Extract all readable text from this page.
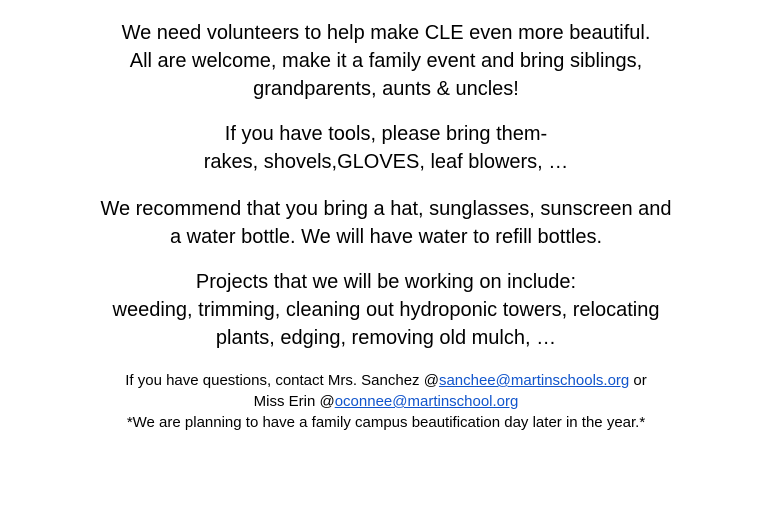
We need volunteers to help make CLE even more beautiful.
All are welcome, make it a family event and bring siblings,
grandparents, aunts & uncles!

If you have tools, please bring them-
rakes, shovels,GLOVES, leaf blowers, …

We recommend that you bring a hat, sunglasses, sunscreen and
a water bottle. We will have water to refill bottles.

Projects that we will be working on include:
weeding, trimming, cleaning out hydroponic towers, relocating
plants, edging, removing old mulch, …

If you have questions, contact Mrs. Sanchez @sanchee@martinschools.org or
Miss Erin @oconnee@martinschool.org
*We are planning to have a family campus beautification day later in the year.*
